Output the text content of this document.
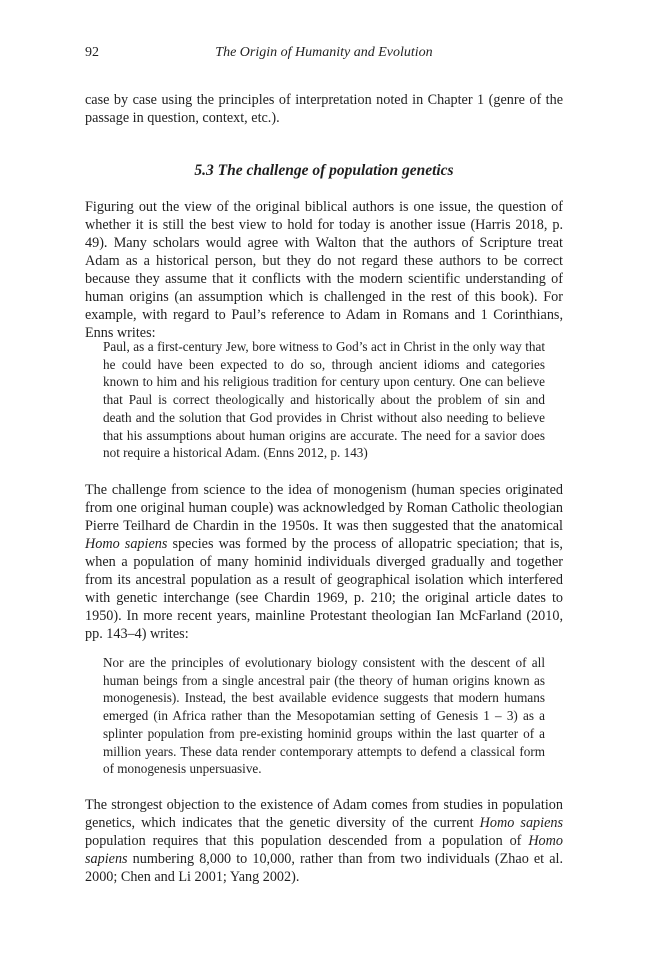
92	The Origin of Humanity and Evolution

case by case using the principles of interpretation noted in Chapter 1 (genre of the passage in question, context, etc.).

5.3 The challenge of population genetics

Figuring out the view of the original biblical authors is one issue, the question of whether it is still the best view to hold for today is another issue (Harris 2018, p. 49). Many scholars would agree with Walton that the authors of Scripture treat Adam as a historical person, but they do not regard these authors to be correct because they assume that it conflicts with the modern scientific understanding of human origins (an assumption which is challenged in the rest of this book). For example, with regard to Paul’s reference to Adam in Romans and 1 Corinthians, Enns writes:

Paul, as a first-century Jew, bore witness to God’s act in Christ in the only way that he could have been expected to do so, through ancient idioms and categories known to him and his religious tradition for century upon century. One can believe that Paul is correct theologically and historically about the problem of sin and death and the solution that God provides in Christ without also needing to believe that his assumptions about human origins are accurate. The need for a savior does not require a historical Adam. (Enns 2012, p. 143)

The challenge from science to the idea of monogenism (human species originated from one original human couple) was acknowledged by Roman Catholic theologian Pierre Teilhard de Chardin in the 1950s. It was then suggested that the anatomical Homo sapiens species was formed by the process of allopatric speciation; that is, when a population of many hominid individuals diverged gradually and together from its ancestral population as a result of geographical isolation which interfered with genetic interchange (see Chardin 1969, p. 210; the original article dates to 1950). In more recent years, mainline Protestant theologian Ian McFarland (2010, pp. 143–4) writes:

Nor are the principles of evolutionary biology consistent with the descent of all human beings from a single ancestral pair (the theory of human origins known as monogenesis). Instead, the best available evidence suggests that modern humans emerged (in Africa rather than the Mesopotamian setting of Genesis 1 – 3) as a splinter population from pre-existing hominid groups within the last quarter of a million years. These data render contemporary attempts to defend a classical form of monogenesis unpersuasive.

The strongest objection to the existence of Adam comes from studies in population genetics, which indicates that the genetic diversity of the current Homo sapiens population requires that this population descended from a population of Homo sapiens numbering 8,000 to 10,000, rather than from two individuals (Zhao et al. 2000; Chen and Li 2001; Yang 2002).
